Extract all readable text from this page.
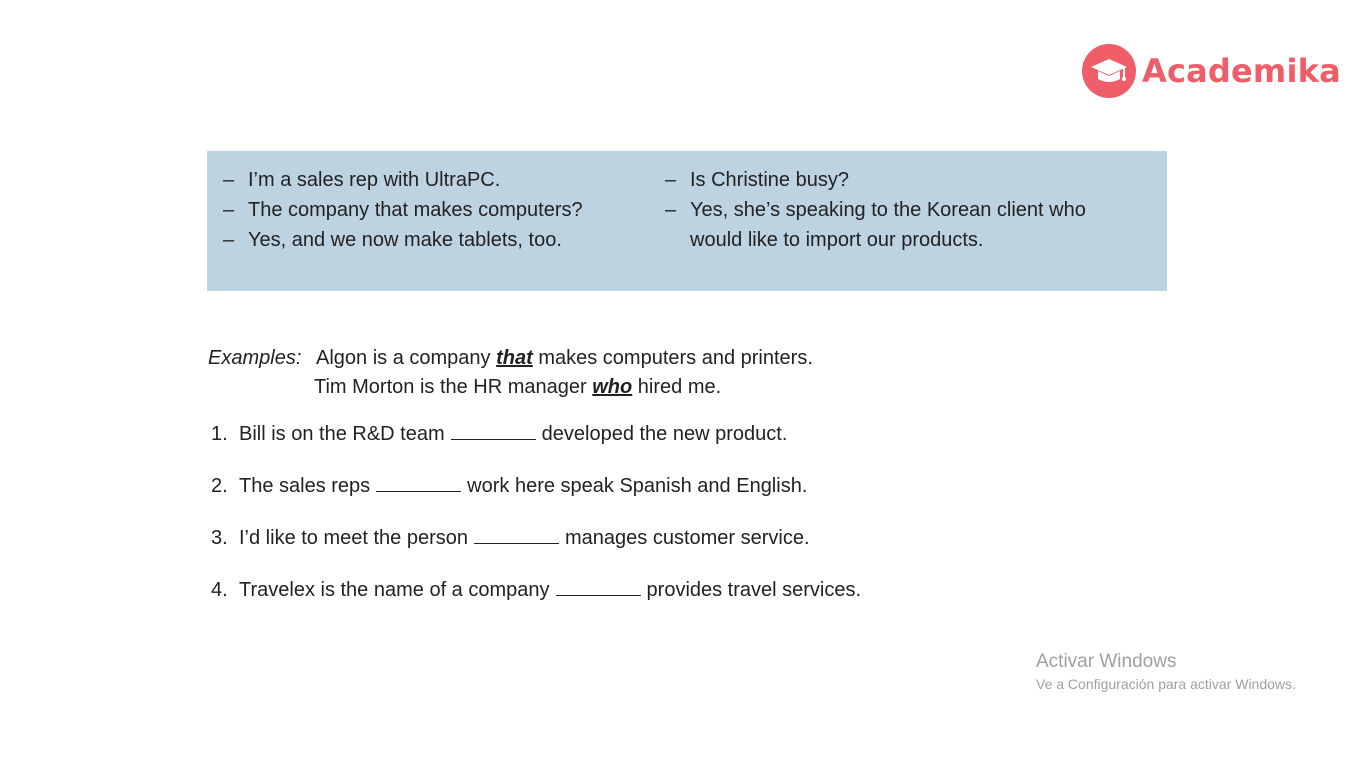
Academika
– I’m a sales rep with UltraPC.
– The company that makes computers?
– Yes, and we now make tablets, too.
– Is Christine busy?
– Yes, she’s speaking to the Korean client who
would like to import our products.
Examples: Algon is a company that makes computers and printers.
Tim Morton is the HR manager who hired me.
1. Bill is on the R&D team	developed the new product.
2. The sales reps	work here speak Spanish and English.
3. I’d like to meet the person	manages customer service.
4. Travelex is the name of a company	provides travel services.
Activar Windows
Ve a Configuración para activar Windows.
